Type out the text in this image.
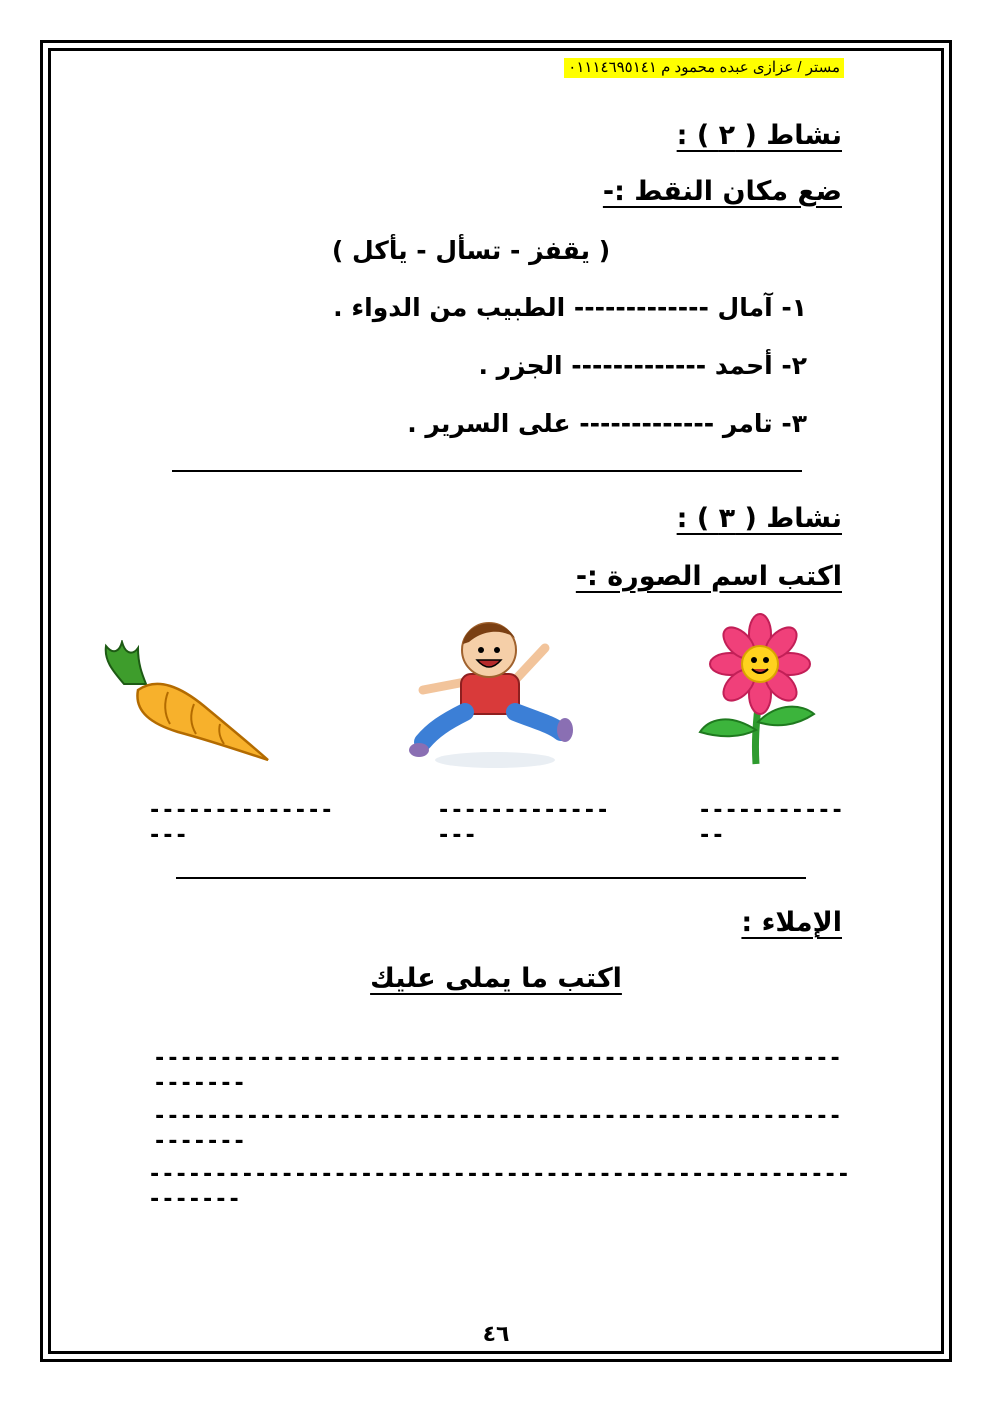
مستر / عزازى عبده محمود م ٠١١١٤٦٩٥١٤١
نشاط ( ٢ ) :
ضع مكان النقط :-
( يقفز - تسأل - يأكل )
١- آمال ------------- الطبيب من الدواء .
٢- أحمد ------------- الجزر .
٣- تامر ------------- على السرير .
نشاط ( ٣ ) :
اكتب اسم الصورة :-
-------------
----------------
-----------------
الإملاء :
اكتب ما يملى عليك
-----------------------------------------------------------
-----------------------------------------------------------
------------------------------------------------------------
٤٦
